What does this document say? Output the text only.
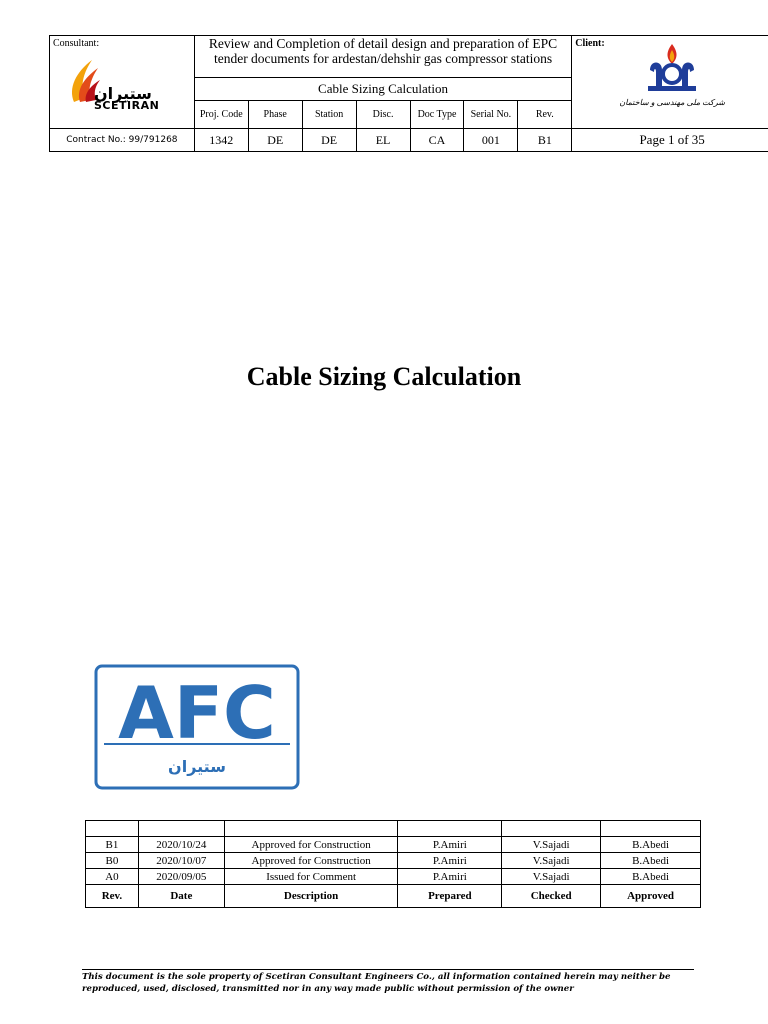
Consultant:
ستیران
SCETIRAN	Review and Completion of detail design and preparation of EPC tender documents for ardestan/dehshir gas compressor stations							Client:
شرکت ملی مهندسی و ساختمان

	Cable Sizing Calculation							
	Proj. Code	Phase	Station	Disc.	Doc Type	Serial No.	Rev.	
Contract No.: 99/791268	1342	DE	DE	EL	CA	001	B1	Page 1 of 35
Cable Sizing Calculation
AFC
ستیران

B1	2020/10/24	Approved for Construction	P.Amiri	V.Sajadi	B.Abedi
B0	2020/10/07	Approved for Construction	P.Amiri	V.Sajadi	B.Abedi
A0	2020/09/05	Issued for Comment	P.Amiri	V.Sajadi	B.Abedi
Rev.	Date	Description	Prepared	Checked	Approved
This document is the sole property of Scetiran Consultant Engineers Co., all information contained herein may neither be reproduced, used, disclosed, transmitted nor in any way made public without permission of the owner
